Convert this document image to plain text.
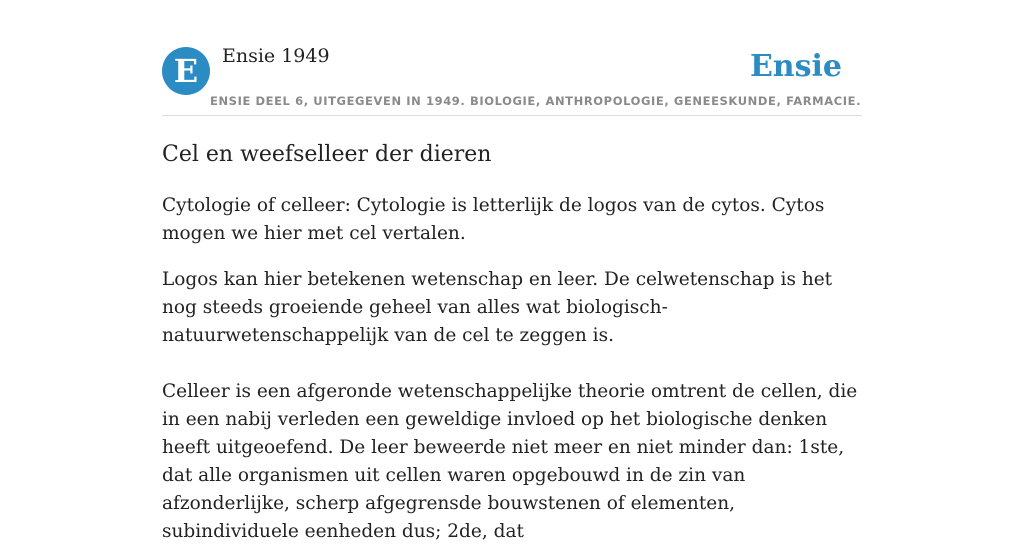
E	Ensie 1949	Ensie
ENSIE DEEL 6, UITGEGEVEN IN 1949. BIOLOGIE, ANTHROPOLOGIE, GENEESKUNDE, FARMACIE.
Cel en weefselleer der dieren

Cytologie of celleer: Cytologie is letterlijk de logos van de cytos. Cytos mogen we hier met cel vertalen.

Logos kan hier betekenen wetenschap en leer. De celwetenschap is het nog steeds groeiende geheel van alles wat biologisch-natuurwetenschappelijk van de cel te zeggen is.

Celleer is een afgeronde wetenschappelijke theorie omtrent de cellen, die in een nabij verleden een geweldige invloed op het biologische denken heeft uitgeoefend. De leer beweerde niet meer en niet minder dan: 1ste, dat alle organismen uit cellen waren opgebouwd in de zin van afzonderlijke, scherp afgegrensde bouwstenen of elementen, subindividuele eenheden dus; 2de, dat
